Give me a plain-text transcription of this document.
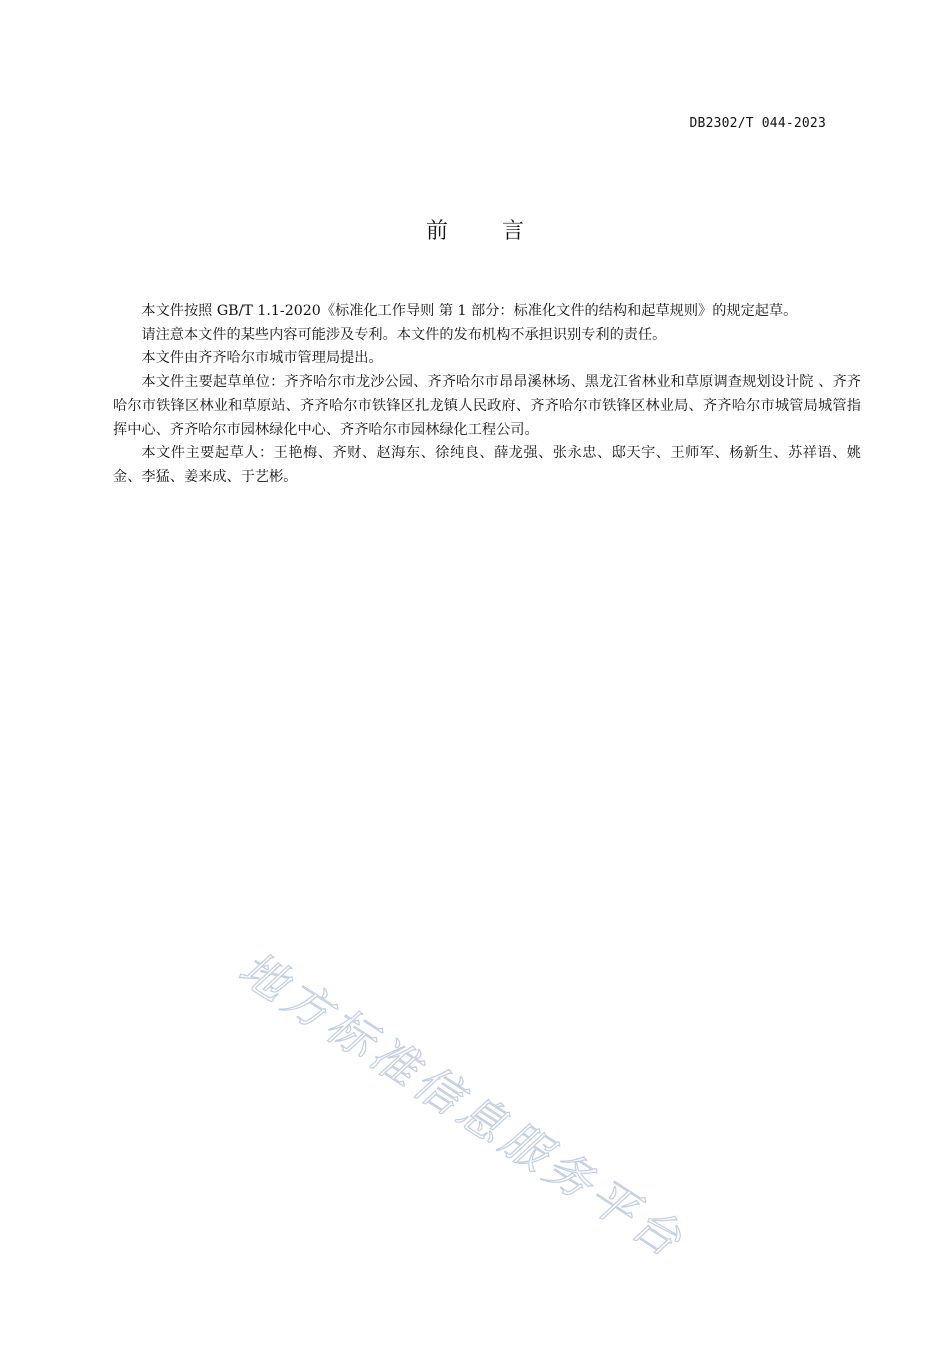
DB2302/T 044-2023
前言

本文件按照 GB/T 1.1-2020《标准化工作导则 第 1 部分：标准化文件的结构和起草规则》的规定起草。

请注意本文件的某些内容可能涉及专利。本文件的发布机构不承担识别专利的责任。

本文件由齐齐哈尔市城市管理局提出。

本文件主要起草单位：齐齐哈尔市龙沙公园、齐齐哈尔市昂昂溪林场、黑龙江省林业和草原调查规划设计院 、齐齐哈尔市铁锋区林业和草原站、齐齐哈尔市铁锋区扎龙镇人民政府、齐齐哈尔市铁锋区林业局、齐齐哈尔市城管局城管指挥中心、齐齐哈尔市园林绿化中心、齐齐哈尔市园林绿化工程公司。

本文件主要起草人：王艳梅、齐财、赵海东、徐纯良、薛龙强、张永忠、邸天宇、王师军、杨新生、苏祥语、姚金、李猛、姜来成、于艺彬。

地方标准信息服务平台
